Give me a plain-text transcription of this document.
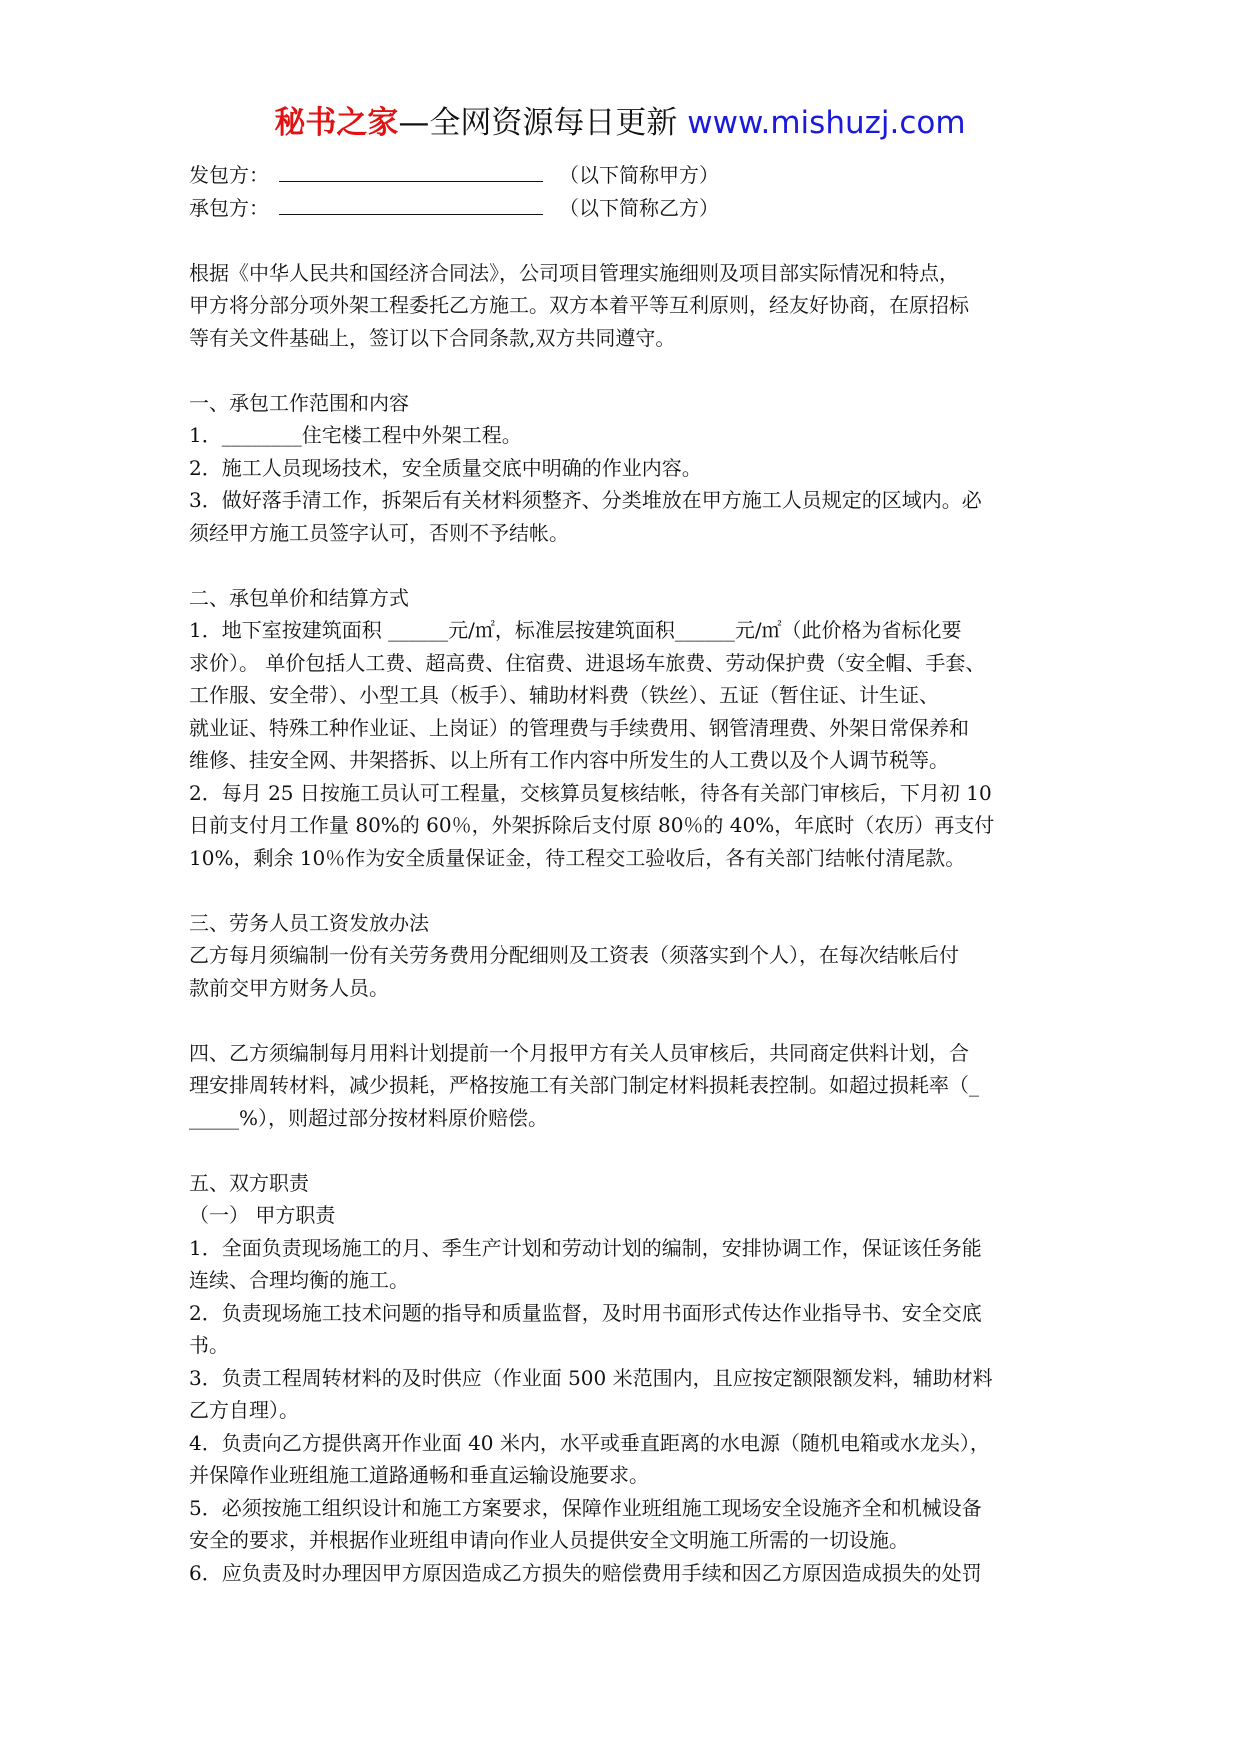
秘书之家—全网资源每日更新 www.mishuzj.com
发包方：	（以下简称甲方）
承包方：	（以下简称乙方）
根据《中华人民共和国经济合同法》，公司项目管理实施细则及项目部实际情况和特点，
甲方将分部分项外架工程委托乙方施工。双方本着平等互利原则，经友好协商，在原招标
等有关文件基础上，签订以下合同条款,双方共同遵守。
一、承包工作范围和内容
1．________住宅楼工程中外架工程。
2．施工人员现场技术，安全质量交底中明确的作业内容。
3．做好落手清工作，拆架后有关材料须整齐、分类堆放在甲方施工人员规定的区域内。必
须经甲方施工员签字认可，否则不予结帐。
二、承包单价和结算方式
1．地下室按建筑面积 ______元/㎡，标准层按建筑面积______元/㎡（此价格为省标化要
求价）。 单价包括人工费、超高费、住宿费、进退场车旅费、劳动保护费（安全帽、手套、
工作服、安全带）、小型工具（板手）、辅助材料费（铁丝）、五证（暂住证、计生证、
就业证、特殊工种作业证、上岗证）的管理费与手续费用、钢管清理费、外架日常保养和
维修、挂安全网、井架搭拆、以上所有工作内容中所发生的人工费以及个人调节税等。
2．每月 25 日按施工员认可工程量，交核算员复核结帐，待各有关部门审核后，下月初 10
日前支付月工作量 80%的 60％，外架拆除后支付原 80％的 40%，年底时（农历）再支付
10%，剩余 10％作为安全质量保证金，待工程交工验收后，各有关部门结帐付清尾款。
三、劳务人员工资发放办法
乙方每月须编制一份有关劳务费用分配细则及工资表（须落实到个人），在每次结帐后付
款前交甲方财务人员。
四、乙方须编制每月用料计划提前一个月报甲方有关人员审核后，共同商定供料计划，合
理安排周转材料，减少损耗，严格按施工有关部门制定材料损耗表控制。如超过损耗率（_
_____%），则超过部分按材料原价赔偿。
五、双方职责
（一） 甲方职责
1．全面负责现场施工的月、季生产计划和劳动计划的编制，安排协调工作，保证该任务能
连续、合理均衡的施工。
2．负责现场施工技术问题的指导和质量监督，及时用书面形式传达作业指导书、安全交底
书。
3．负责工程周转材料的及时供应（作业面 500 米范围内，且应按定额限额发料，辅助材料
乙方自理）。
4．负责向乙方提供离开作业面 40 米内，水平或垂直距离的水电源（随机电箱或水龙头），
并保障作业班组施工道路通畅和垂直运输设施要求。
5．必须按施工组织设计和施工方案要求，保障作业班组施工现场安全设施齐全和机械设备
安全的要求，并根据作业班组申请向作业人员提供安全文明施工所需的一切设施。
6．应负责及时办理因甲方原因造成乙方损失的赔偿费用手续和因乙方原因造成损失的处罚
